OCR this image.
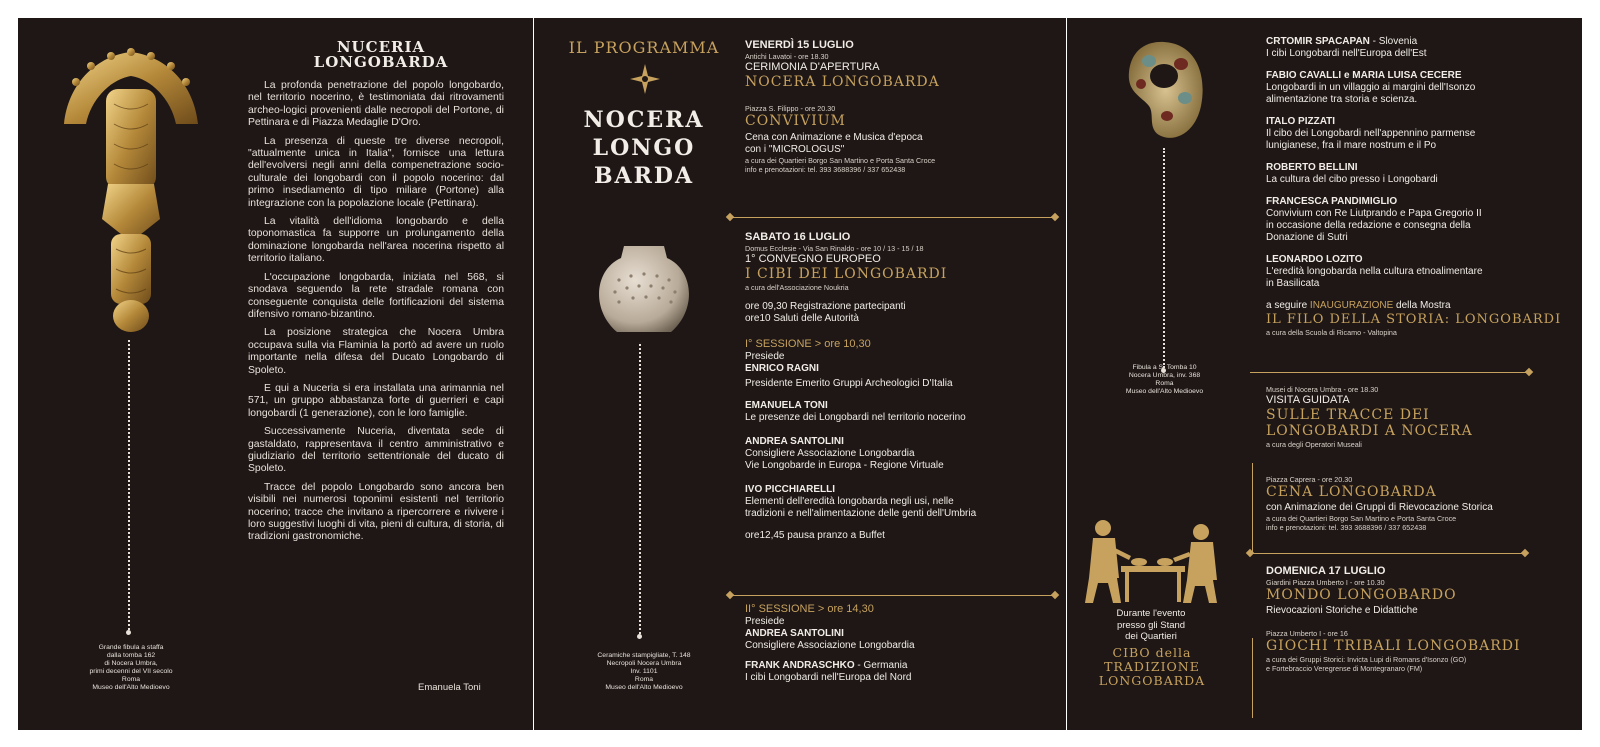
Grande fibula a staffa
dalla tomba 162
di Nocera Umbra,
primi decenni del VII secolo
Roma
Museo dell'Alto Medioevo
NUCERIA
LONGOBARDA

La profonda penetrazione del popolo longobardo, nel territorio nocerino, è testimoniata dai ritrovamenti archeo-logici provenienti dalle necropoli del Portone, di Pettinara e di Piazza Medaglie D'Oro.

La presenza di queste tre diverse necropoli, "attualmente unica in Italia", fornisce una lettura dell'evolversi negli anni della compenetrazione socio-culturale dei longobardi con il popolo nocerino: dal primo insediamento di tipo miliare (Portone) alla integrazione con la popolazione locale (Pettinara).

La vitalità dell'idioma longobardo e della toponomastica fa supporre un prolungamento della dominazione longobarda nell'area nocerina rispetto al territorio italiano.

L'occupazione longobarda, iniziata nel 568, si snodava seguendo la rete stradale romana con conseguente conquista delle fortificazioni del sistema difensivo romano-bizantino.

La posizione strategica che Nocera Umbra occupava sulla via Flaminia la portò ad avere un ruolo importante nella difesa del Ducato Longobardo di Spoleto.

E qui a Nuceria si era installata una arimannia nel 571, un gruppo abbastanza forte di guerrieri e capi longobardi (1 generazione), con le loro famiglie.

Successivamente Nuceria, diventata sede di gastaldato, rappresentava il centro amministrativo e giudiziario del territorio settentrionale del ducato di Spoleto.

Tracce del popolo Longobardo sono ancora ben visibili nei numerosi toponimi esistenti nel territorio nocerino; tracce che invitano a ripercorrere e rivivere i loro suggestivi luoghi di vita, pieni di cultura, di storia, di tradizioni gastronomiche.

Emanuela Toni
IL PROGRAMMA
NOCERA
LONGO
BARDA
Ceramiche stampigliate, T. 148
Necropoli Nocera Umbra
Inv. 1101
Roma
Museo dell'Alto Medioevo
VENERDÌ 15 LUGLIO
Antichi Lavatoi - ore 18.30
CERIMONIA D'APERTURA
NOCERA LONGOBARDA
Piazza S. Filippo - ore 20.30
CONVIVIUM
Cena con Animazione e Musica d'epoca
con i "MICROLOGUS"
a cura dei Quartieri Borgo San Martino e Porta Santa Croce
info e prenotazioni: tel. 393 3688396 / 337 652438
SABATO 16 LUGLIO
Domus Ecclesie - Via San Rinaldo - ore 10 / 13 - 15 / 18
1° CONVEGNO EUROPEO
I CIBI DEI LONGOBARDI
a cura dell'Associazione Noukria
ore 09,30 Registrazione partecipanti
ore10 Saluti delle Autorità
I° SESSIONE > ore 10,30
Presiede
ENRICO RAGNI
Presidente Emerito Gruppi Archeologici D'Italia
EMANUELA TONI
Le presenze dei Longobardi nel territorio nocerino
ANDREA SANTOLINI
Consigliere Associazione Longobardia
Vie Longobarde in Europa - Regione Virtuale
IVO PICCHIARELLI
Elementi dell'eredità longobarda negli usi, nelle
tradizioni e nell'alimentazione delle genti dell'Umbria
ore12,45 pausa pranzo a Buffet
II° SESSIONE > ore 14,30
Presiede
ANDREA SANTOLINI
Consigliere Associazione Longobardia
FRANK ANDRASCHKO - Germania
I cibi Longobardi nell'Europa del Nord
Fibula a S. Tomba 10
Nocera Umbra, inv. 368
Roma
Museo dell'Alto Medioevo
Durante l'evento
presso gli Stand
dei Quartieri
CIBO della
TRADIZIONE
LONGOBARDA
CRTOMIR SPACAPAN - Slovenia
I cibi Longobardi nell'Europa dell'Est
FABIO CAVALLI e MARIA LUISA CECERE
Longobardi in un villaggio ai margini dell'Isonzo
alimentazione tra storia e scienza.
ITALO PIZZATI
Il cibo dei Longobardi nell'appennino parmense
lunigianese, fra il mare nostrum e il Po
ROBERTO BELLINI
La cultura del cibo presso i Longobardi
FRANCESCA PANDIMIGLIO
Convivium con Re Liutprando e Papa Gregorio II
in occasione della redazione e consegna della
Donazione di Sutri
LEONARDO LOZITO
L'eredità longobarda nella cultura etnoalimentare
in Basilicata
a seguire INAUGURAZIONE della Mostra
IL FILO DELLA STORIA: LONGOBARDI
a cura della Scuola di Ricamo - Valtopina
Musei di Nocera Umbra - ore 18.30
VISITA GUIDATA
SULLE TRACCE DEI
LONGOBARDI A NOCERA
a cura degli Operatori Museali
Piazza Caprera - ore 20.30
CENA LONGOBARDA
con Animazione dei Gruppi di Rievocazione Storica
a cura dei Quartieri Borgo San Martino e Porta Santa Croce
info e prenotazioni: tel. 393 3688396 / 337 652438
DOMENICA 17 LUGLIO
Giardini Piazza Umberto I - ore 10.30
MONDO LONGOBARDO
Rievocazioni Storiche e Didattiche
Piazza Umberto I - ore 16
GIOCHI TRIBALI LONGOBARDI
a cura dei Gruppi Storici: Invicta Lupi di Romans d'Isonzo (GO)
e Fortebraccio Veregrense di Montegranaro (FM)
